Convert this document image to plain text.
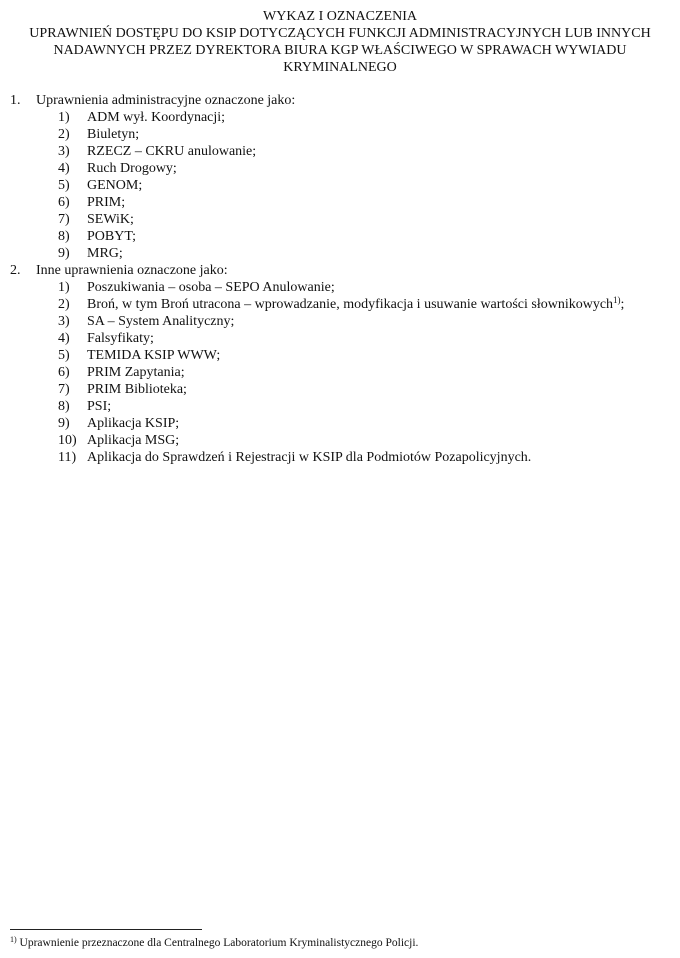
WYKAZ I OZNACZENIA
UPRAWNIEŃ DOSTĘPU DO KSIP DOTYCZĄCYCH FUNKCJI ADMINISTRACYJNYCH LUB INNYCH
NADAWNYCH PRZEZ DYREKTORA BIURA KGP WŁAŚCIWEGO W SPRAWACH WYWIADU
KRYMINALNEGO
1. Uprawnienia administracyjne oznaczone jako:
1)	ADM wył. Koordynacji;
2)	Biuletyn;
3)	RZECZ – CKRU anulowanie;
4)	Ruch Drogowy;
5)	GENOM;
6)	PRIM;
7)	SEWiK;
8)	POBYT;
9)	MRG;
2. Inne uprawnienia oznaczone jako:
1)	Poszukiwania – osoba – SEPO Anulowanie;
2)	Broń, w tym Broń utracona – wprowadzanie, modyfikacja i usuwanie wartości słownikowych$^{1)}$;
3)	SA – System Analityczny;
4)	Falsyfikaty;
5)	TEMIDA KSIP WWW;
6)	PRIM Zapytania;
7)	PRIM Biblioteka;
8)	PSI;
9)	Aplikacja KSIP;
10) Aplikacja MSG;
11) Aplikacja do Sprawdzeń i Rejestracji w KSIP dla Podmiotów Pozapolicyjnych.
$^{1)}$ Uprawnienie przeznaczone dla Centralnego Laboratorium Kryminalistycznego Policji.
